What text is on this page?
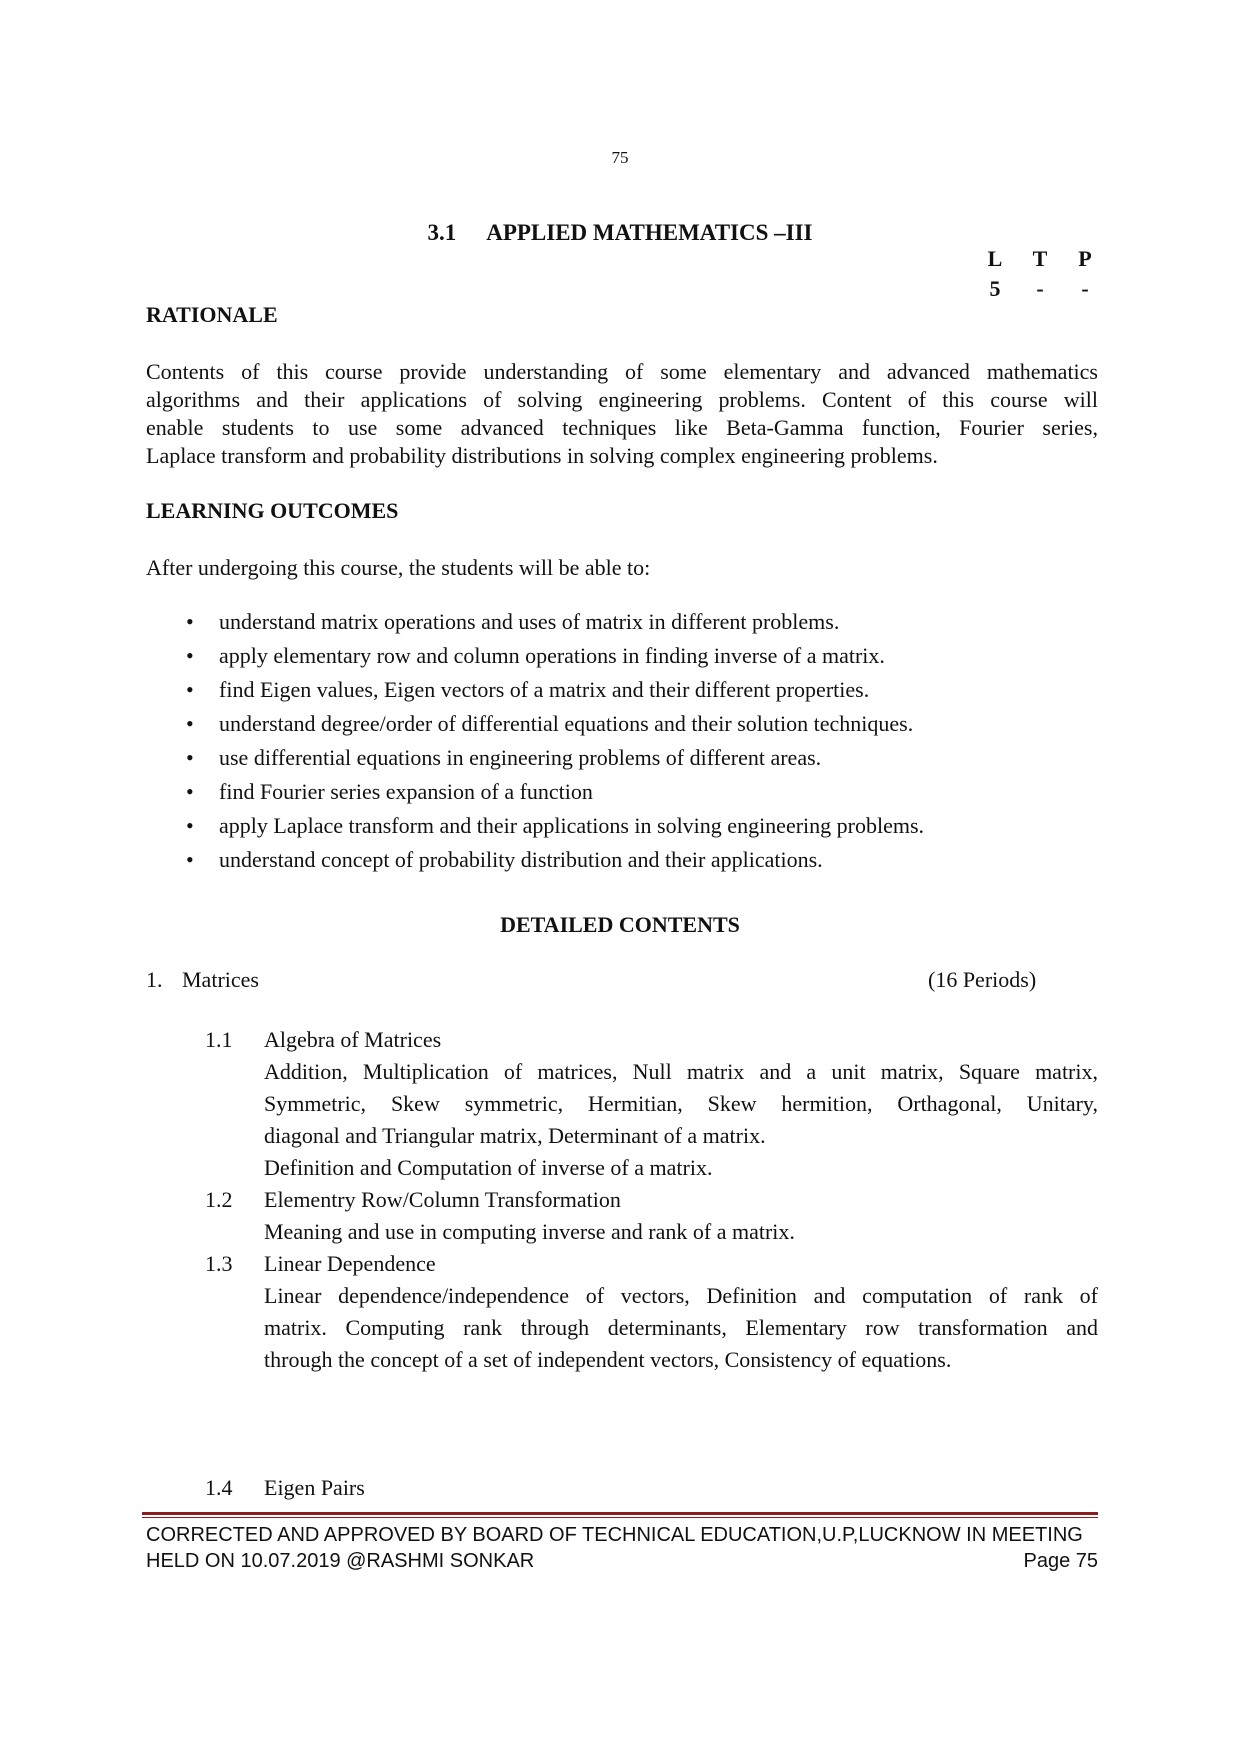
75
3.1 APPLIED MATHEMATICS –III
L	T	P
5	-	-
RATIONALE
Contents of this course provide understanding of some elementary and advanced mathematics
algorithms and their applications of solving engineering problems. Content of this course will
enable students to use some advanced techniques like Beta-Gamma function, Fourier series,
Laplace transform and probability distributions in solving complex engineering problems.
LEARNING OUTCOMES
After undergoing this course, the students will be able to:
• understand matrix operations and uses of matrix in different problems.
• apply elementary row and column operations in finding inverse of a matrix.
• find Eigen values, Eigen vectors of a matrix and their different properties.
• understand degree/order of differential equations and their solution techniques.
• use differential equations in engineering problems of different areas.
• find Fourier series expansion of a function
• apply Laplace transform and their applications in solving engineering problems.
• understand concept of probability distribution and their applications.
DETAILED CONTENTS
1. Matrices	(16 Periods)
1.1 Algebra of Matrices
Addition, Multiplication of matrices, Null matrix and a unit matrix, Square matrix,
Symmetric, Skew symmetric, Hermitian, Skew hermition, Orthagonal, Unitary,
diagonal and Triangular matrix, Determinant of a matrix.
Definition and Computation of inverse of a matrix.
1.2 Elementry Row/Column Transformation
Meaning and use in computing inverse and rank of a matrix.
1.3 Linear Dependence
Linear dependence/independence of vectors, Definition and computation of rank of
matrix. Computing rank through determinants, Elementary row transformation and
through the concept of a set of independent vectors, Consistency of equations.
1.4 Eigen Pairs
CORRECTED AND APPROVED BY BOARD OF TECHNICAL EDUCATION,U.P,LUCKNOW IN MEETING
HELD ON 10.07.2019 @RASHMI SONKAR	Page 75
